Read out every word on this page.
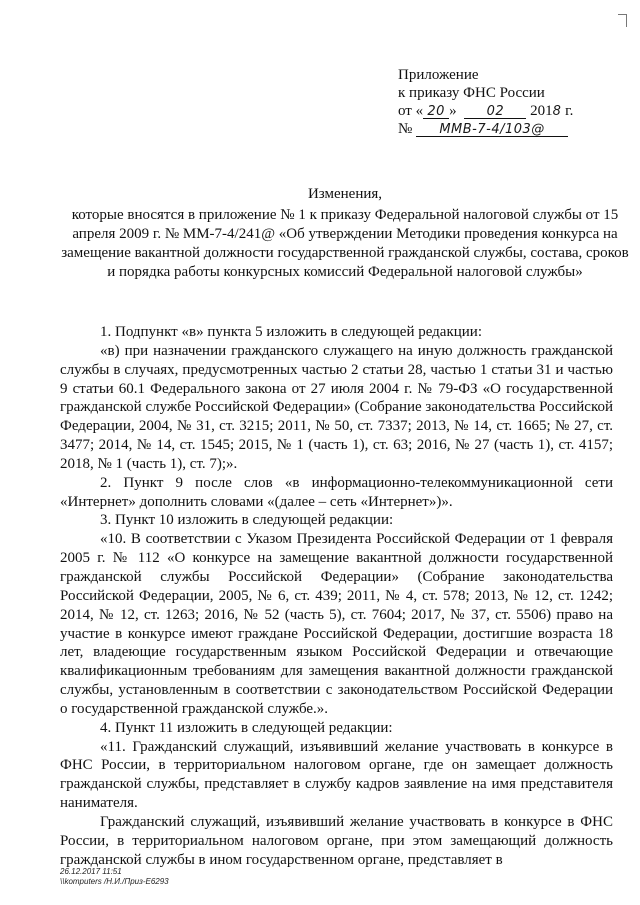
Приложение
к приказу ФНС России
от « 20 » 02 2018 г.
№ ММВ-7-4/103@
Изменения,
которые вносятся в приложение № 1 к приказу Федеральной налоговой службы от 15 апреля 2009 г. № ММ-7-4/241@ «Об утверждении Методики проведения конкурса на замещение вакантной должности государственной гражданской службы, состава, сроков и порядка работы конкурсных комиссий Федеральной налоговой службы»

1. Подпункт «в» пункта 5 изложить в следующей редакции:

«в) при назначении гражданского служащего на иную должность гражданской службы в случаях, предусмотренных частью 2 статьи 28, частью 1 статьи 31 и частью 9 статьи 60.1 Федерального закона от 27 июля 2004 г. № 79-ФЗ «О государственной гражданской службе Российской Федерации» (Собрание законодательства Российской Федерации, 2004, № 31, ст. 3215; 2011, № 50, ст. 7337; 2013, № 14, ст. 1665; № 27, ст. 3477; 2014, № 14, ст. 1545; 2015, № 1 (часть 1), ст. 63; 2016, № 27 (часть 1), ст. 4157; 2018, № 1 (часть 1), ст. 7);».

2. Пункт 9 после слов «в информационно-телекоммуникационной сети «Интернет» дополнить словами «(далее – сеть «Интернет»)».

3. Пункт 10 изложить в следующей редакции:

«10. В соответствии с Указом Президента Российской Федерации от 1 февраля 2005 г. № 112 «О конкурсе на замещение вакантной должности государственной гражданской службы Российской Федерации» (Собрание законодательства Российской Федерации, 2005, № 6, ст. 439; 2011, № 4, ст. 578; 2013, № 12, ст. 1242; 2014, № 12, ст. 1263; 2016, № 52 (часть 5), ст. 7604; 2017, № 37, ст. 5506) право на участие в конкурсе имеют граждане Российской Федерации, достигшие возраста 18 лет, владеющие государственным языком Российской Федерации и отвечающие квалификационным требованиям для замещения вакантной должности гражданской службы, установленным в соответствии с законодательством Российской Федерации о государственной гражданской службе.».

4. Пункт 11 изложить в следующей редакции:

«11. Гражданский служащий, изъявивший желание участвовать в конкурсе в ФНС России, в территориальном налоговом органе, где он замещает должность гражданской службы, представляет в службу кадров заявление на имя представителя нанимателя.

Гражданский служащий, изъявивший желание участвовать в конкурсе в ФНС России, в территориальном налоговом органе, при этом замещающий должность гражданской службы в ином государственном органе, представляет в

26.12.2017 11:51
\\komputers /Н.И./Приз-Е6293
